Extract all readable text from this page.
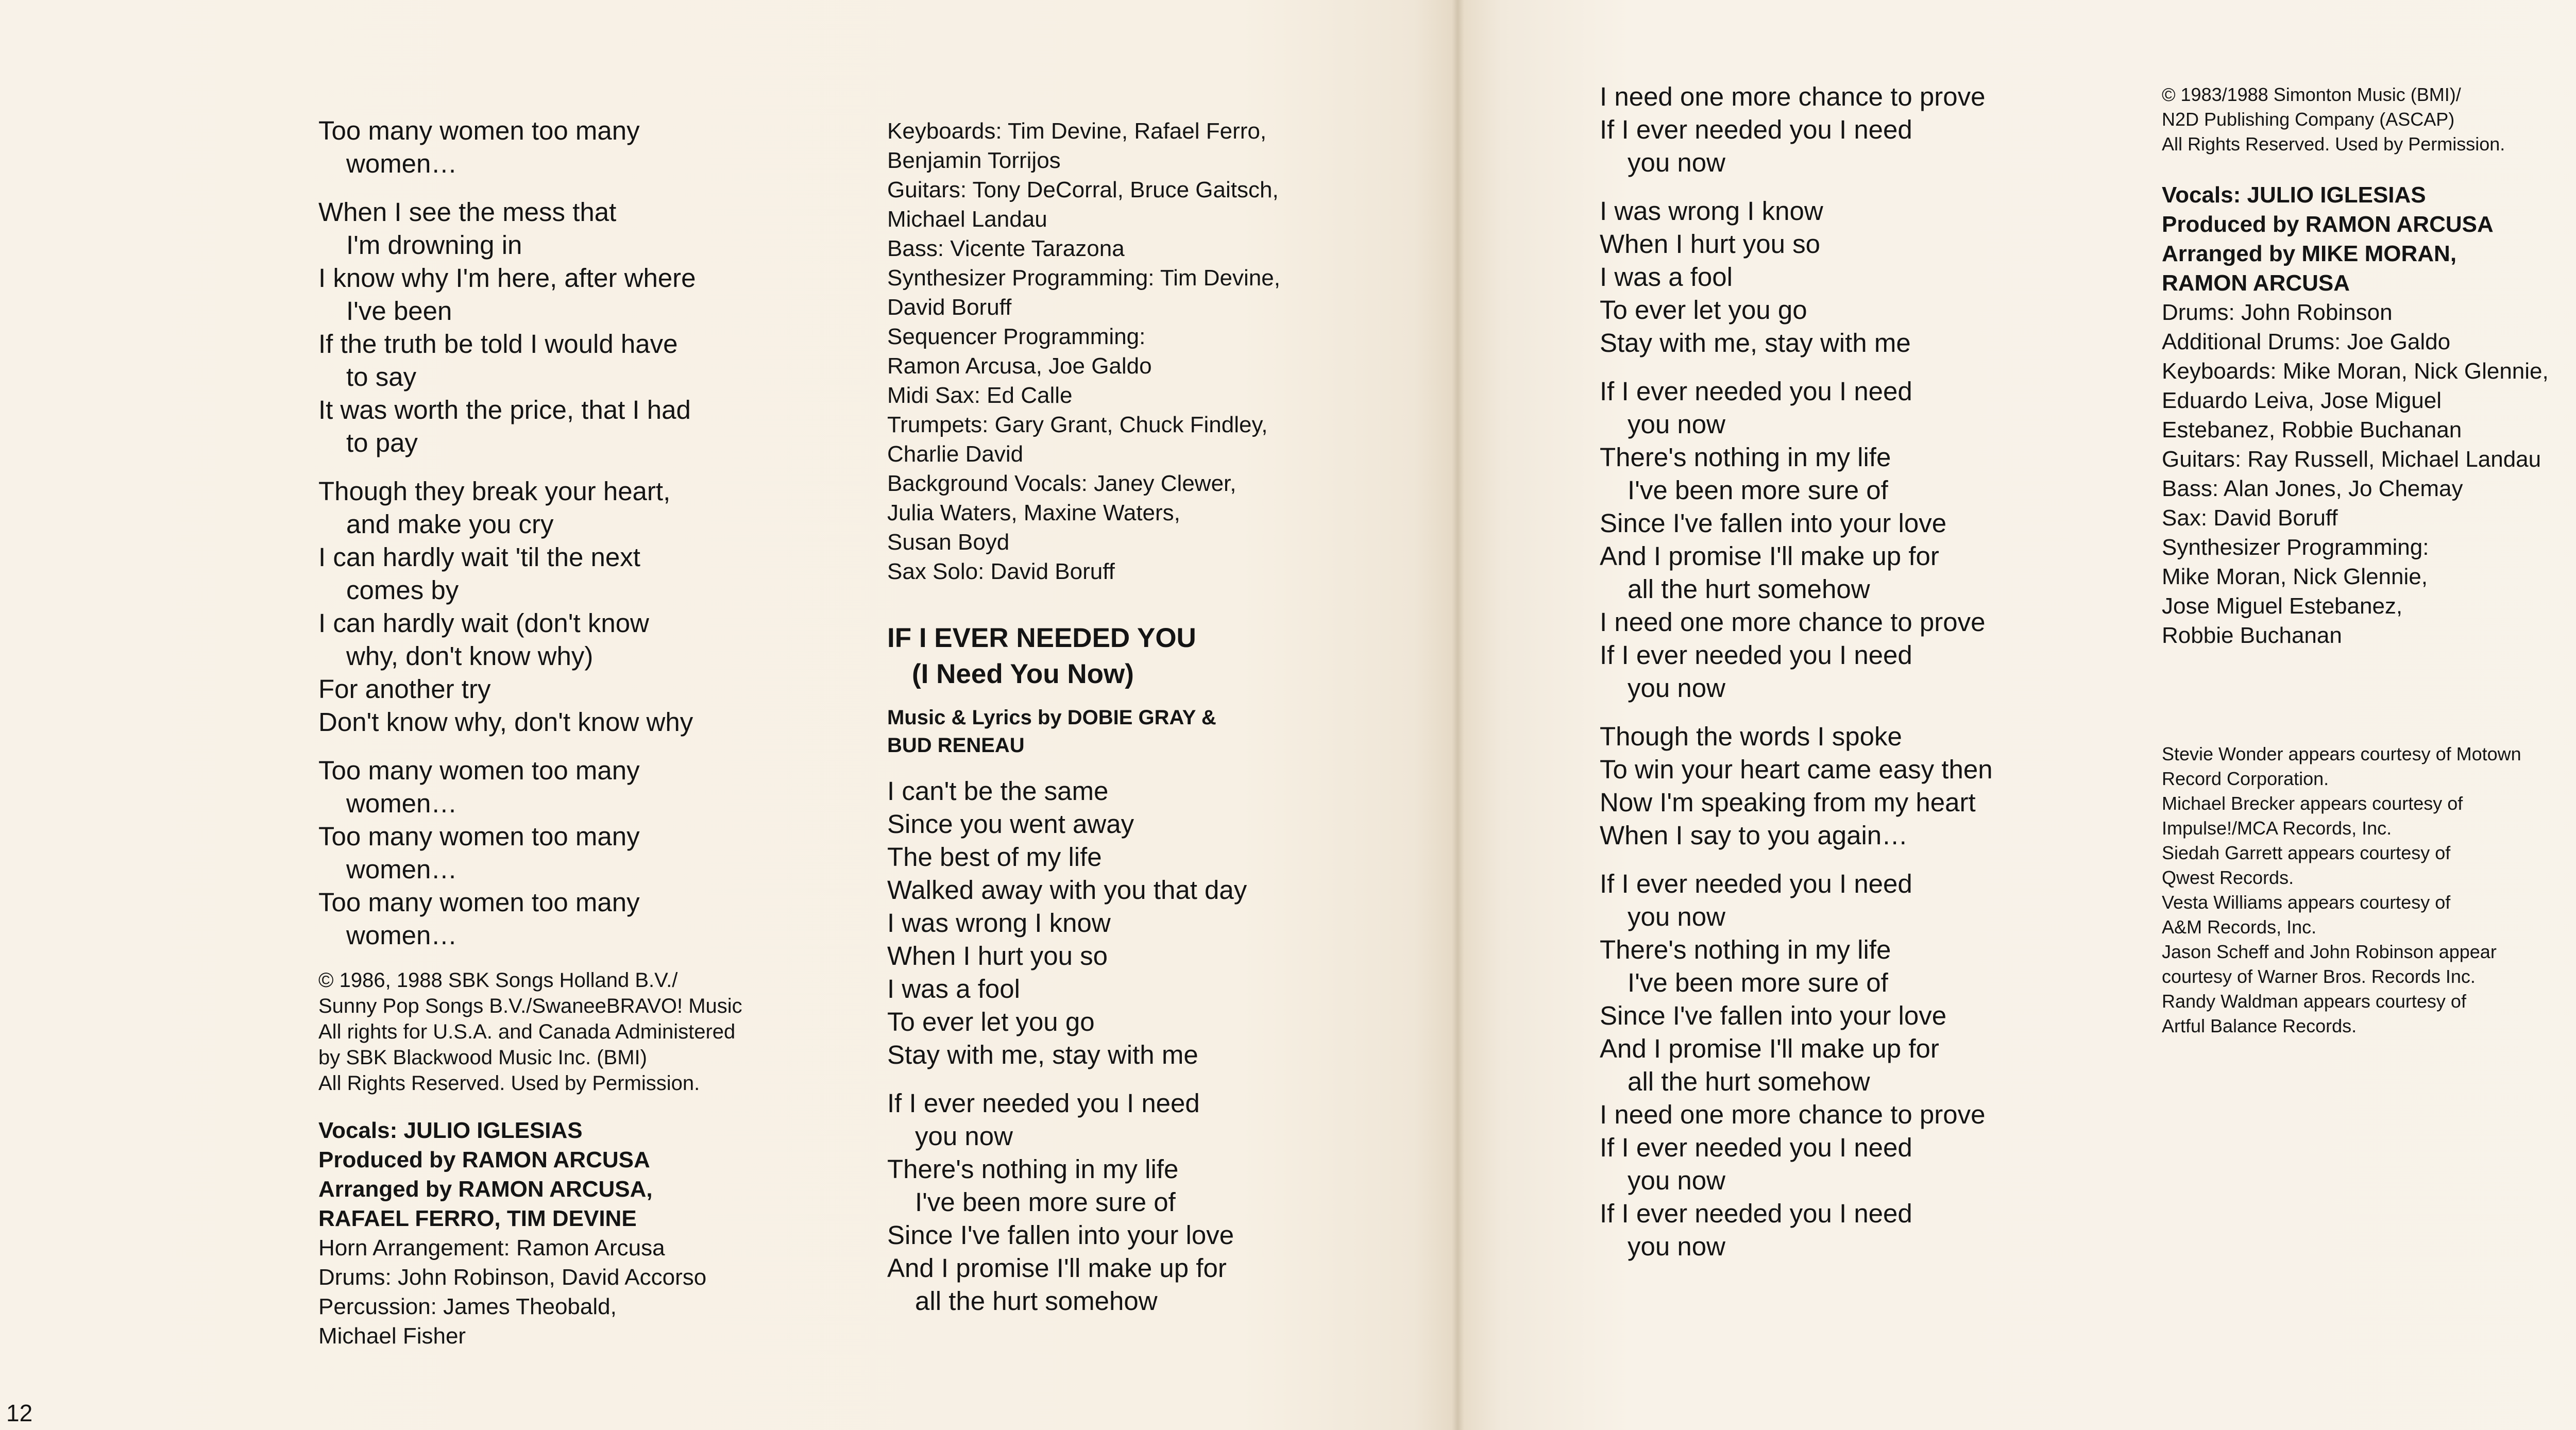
Too many women too many
women…
When I see the mess that
I'm drowning in
I know why I'm here, after where
I've been
If the truth be told I would have
to say
It was worth the price, that I had
to pay
Though they break your heart,
and make you cry
I can hardly wait 'til the next
comes by
I can hardly wait (don't know
why, don't know why)
For another try
Don't know why, don't know why
Too many women too many
women…
Too many women too many
women…
Too many women too many
women…
© 1986, 1988 SBK Songs Holland B.V./
Sunny Pop Songs B.V./SwaneeBRAVO! Music
All rights for U.S.A. and Canada Administered
by SBK Blackwood Music Inc. (BMI)
All Rights Reserved. Used by Permission.
Vocals: JULIO IGLESIAS
Produced by RAMON ARCUSA
Arranged by RAMON ARCUSA,
RAFAEL FERRO, TIM DEVINE
Horn Arrangement: Ramon Arcusa
Drums: John Robinson, David Accorso
Percussion: James Theobald,
Michael Fisher
Keyboards: Tim Devine, Rafael Ferro,
Benjamin Torrijos
Guitars: Tony DeCorral, Bruce Gaitsch,
Michael Landau
Bass: Vicente Tarazona
Synthesizer Programming: Tim Devine,
David Boruff
Sequencer Programming:
Ramon Arcusa, Joe Galdo
Midi Sax: Ed Calle
Trumpets: Gary Grant, Chuck Findley,
Charlie David
Background Vocals: Janey Clewer,
Julia Waters, Maxine Waters,
Susan Boyd
Sax Solo: David Boruff
IF I EVER NEEDED YOU
(I Need You Now)
Music & Lyrics by DOBIE GRAY &
BUD RENEAU
I can't be the same
Since you went away
The best of my life
Walked away with you that day
I was wrong I know
When I hurt you so
I was a fool
To ever let you go
Stay with me, stay with me
If I ever needed you I need
you now
There's nothing in my life
I've been more sure of
Since I've fallen into your love
And I promise I'll make up for
all the hurt somehow
I need one more chance to prove
If I ever needed you I need
you now
I was wrong I know
When I hurt you so
I was a fool
To ever let you go
Stay with me, stay with me
If I ever needed you I need
you now
There's nothing in my life
I've been more sure of
Since I've fallen into your love
And I promise I'll make up for
all the hurt somehow
I need one more chance to prove
If I ever needed you I need
you now
Though the words I spoke
To win your heart came easy then
Now I'm speaking from my heart
When I say to you again…
If I ever needed you I need
you now
There's nothing in my life
I've been more sure of
Since I've fallen into your love
And I promise I'll make up for
all the hurt somehow
I need one more chance to prove
If I ever needed you I need
you now
If I ever needed you I need
you now
© 1983/1988 Simonton Music (BMI)/
N2D Publishing Company (ASCAP)
All Rights Reserved. Used by Permission.
Vocals: JULIO IGLESIAS
Produced by RAMON ARCUSA
Arranged by MIKE MORAN,
RAMON ARCUSA
Drums: John Robinson
Additional Drums: Joe Galdo
Keyboards: Mike Moran, Nick Glennie,
Eduardo Leiva, Jose Miguel
Estebanez, Robbie Buchanan
Guitars: Ray Russell, Michael Landau
Bass: Alan Jones, Jo Chemay
Sax: David Boruff
Synthesizer Programming:
Mike Moran, Nick Glennie,
Jose Miguel Estebanez,
Robbie Buchanan
Stevie Wonder appears courtesy of Motown
Record Corporation.
Michael Brecker appears courtesy of
Impulse!/MCA Records, Inc.
Siedah Garrett appears courtesy of
Qwest Records.
Vesta Williams appears courtesy of
A&M Records, Inc.
Jason Scheff and John Robinson appear
courtesy of Warner Bros. Records Inc.
Randy Waldman appears courtesy of
Artful Balance Records.
12
